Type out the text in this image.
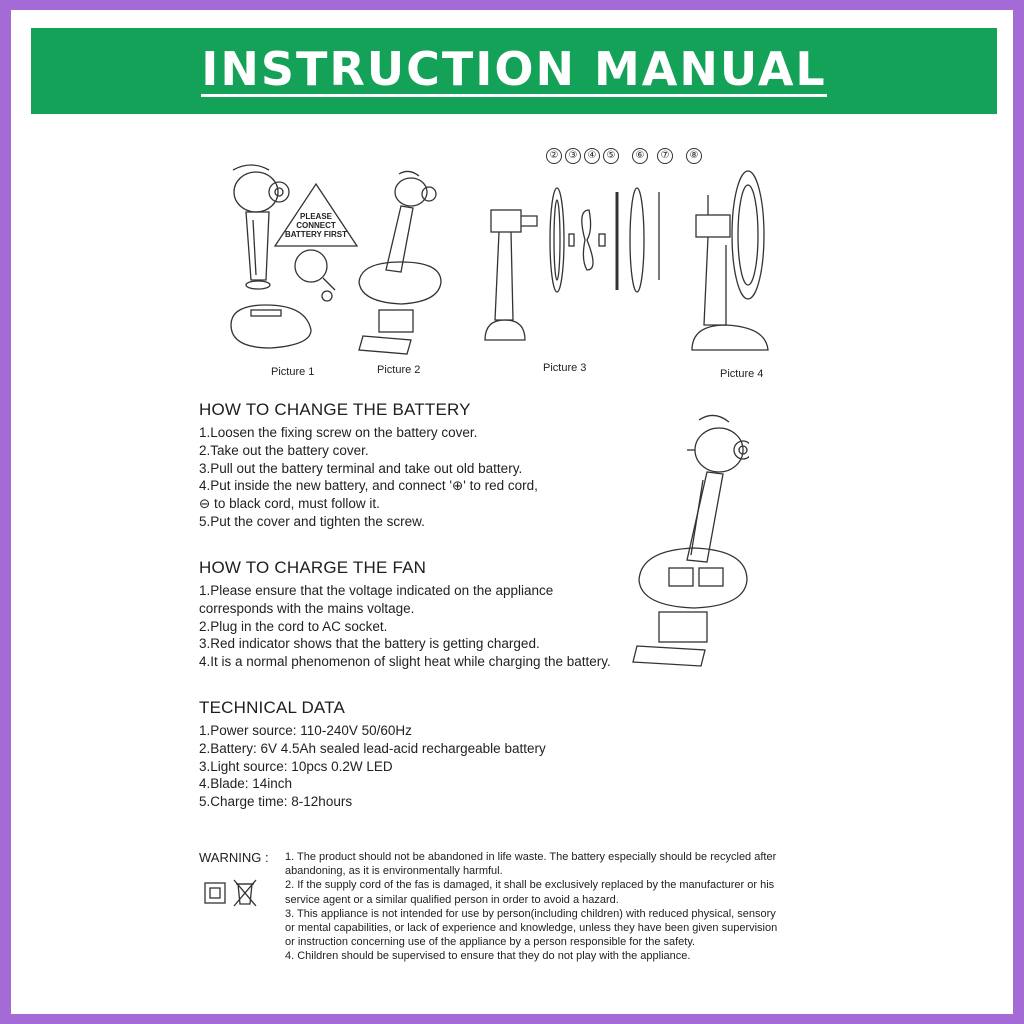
INSTRUCTION MANUAL
Picture 1
PLEASE CONNECT BATTERY FIRST
Picture 2
②	③	④	⑤	⑥	⑦	⑧
Picture 3	Picture 4
HOW TO CHANGE THE BATTERY
1.Loosen the fixing screw on the battery cover.
2.Take out the battery cover.
3.Pull out the battery terminal and take out old battery.
4.Put inside the new battery, and connect '⊕' to red cord,
⊖ to black cord, must follow it.
5.Put the cover and tighten the screw.
HOW TO CHARGE THE FAN
1.Please ensure that the voltage indicated on the appliance
corresponds with the mains voltage.
2.Plug in the cord to AC socket.
3.Red indicator shows that the battery is getting charged.
4.It is a normal phenomenon of slight heat while charging the battery.
TECHNICAL DATA
1.Power source: 110-240V 50/60Hz
2.Battery: 6V 4.5Ah sealed lead-acid rechargeable battery
3.Light source: 10pcs 0.2W LED
4.Blade: 14inch
5.Charge time: 8-12hours
WARNING : 1. The product should not be abandoned in life waste. The battery especially should be recycled after abandoning, as it is environmentally harmful.

2. If the supply cord of the fas is damaged, it shall be exclusively replaced by the manufacturer or his service agent or a similar qualified person in order to avoid a hazard.

3. This appliance is not intended for use by person(including children) with reduced physical, sensory or mental capabilities, or lack of experience and knowledge, unless they have been given supervision or instruction concerning use of the appliance by a person responsible for the safety.

4. Children should be supervised to ensure that they do not play with the appliance.
